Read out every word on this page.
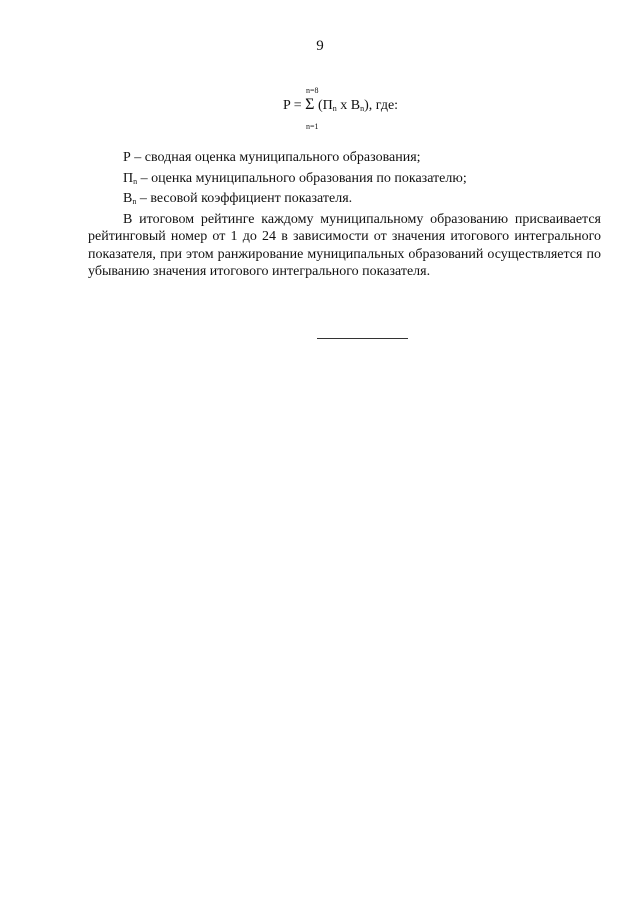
9
n=8
P = Σ ($П_n$ x $В_n$), где:
n=1

P – сводная оценка муниципального образования;

$П_n$ – оценка муниципального образования по показателю;

$В_n$ – весовой коэффициент показателя.

В итоговом рейтинге каждому муниципальному образованию присваивается рейтинговый номер от 1 до 24 в зависимости от значения итогового интегрального показателя, при этом ранжирование муниципальных образований осуществляется по убыванию значения итогового интегрального показателя.
